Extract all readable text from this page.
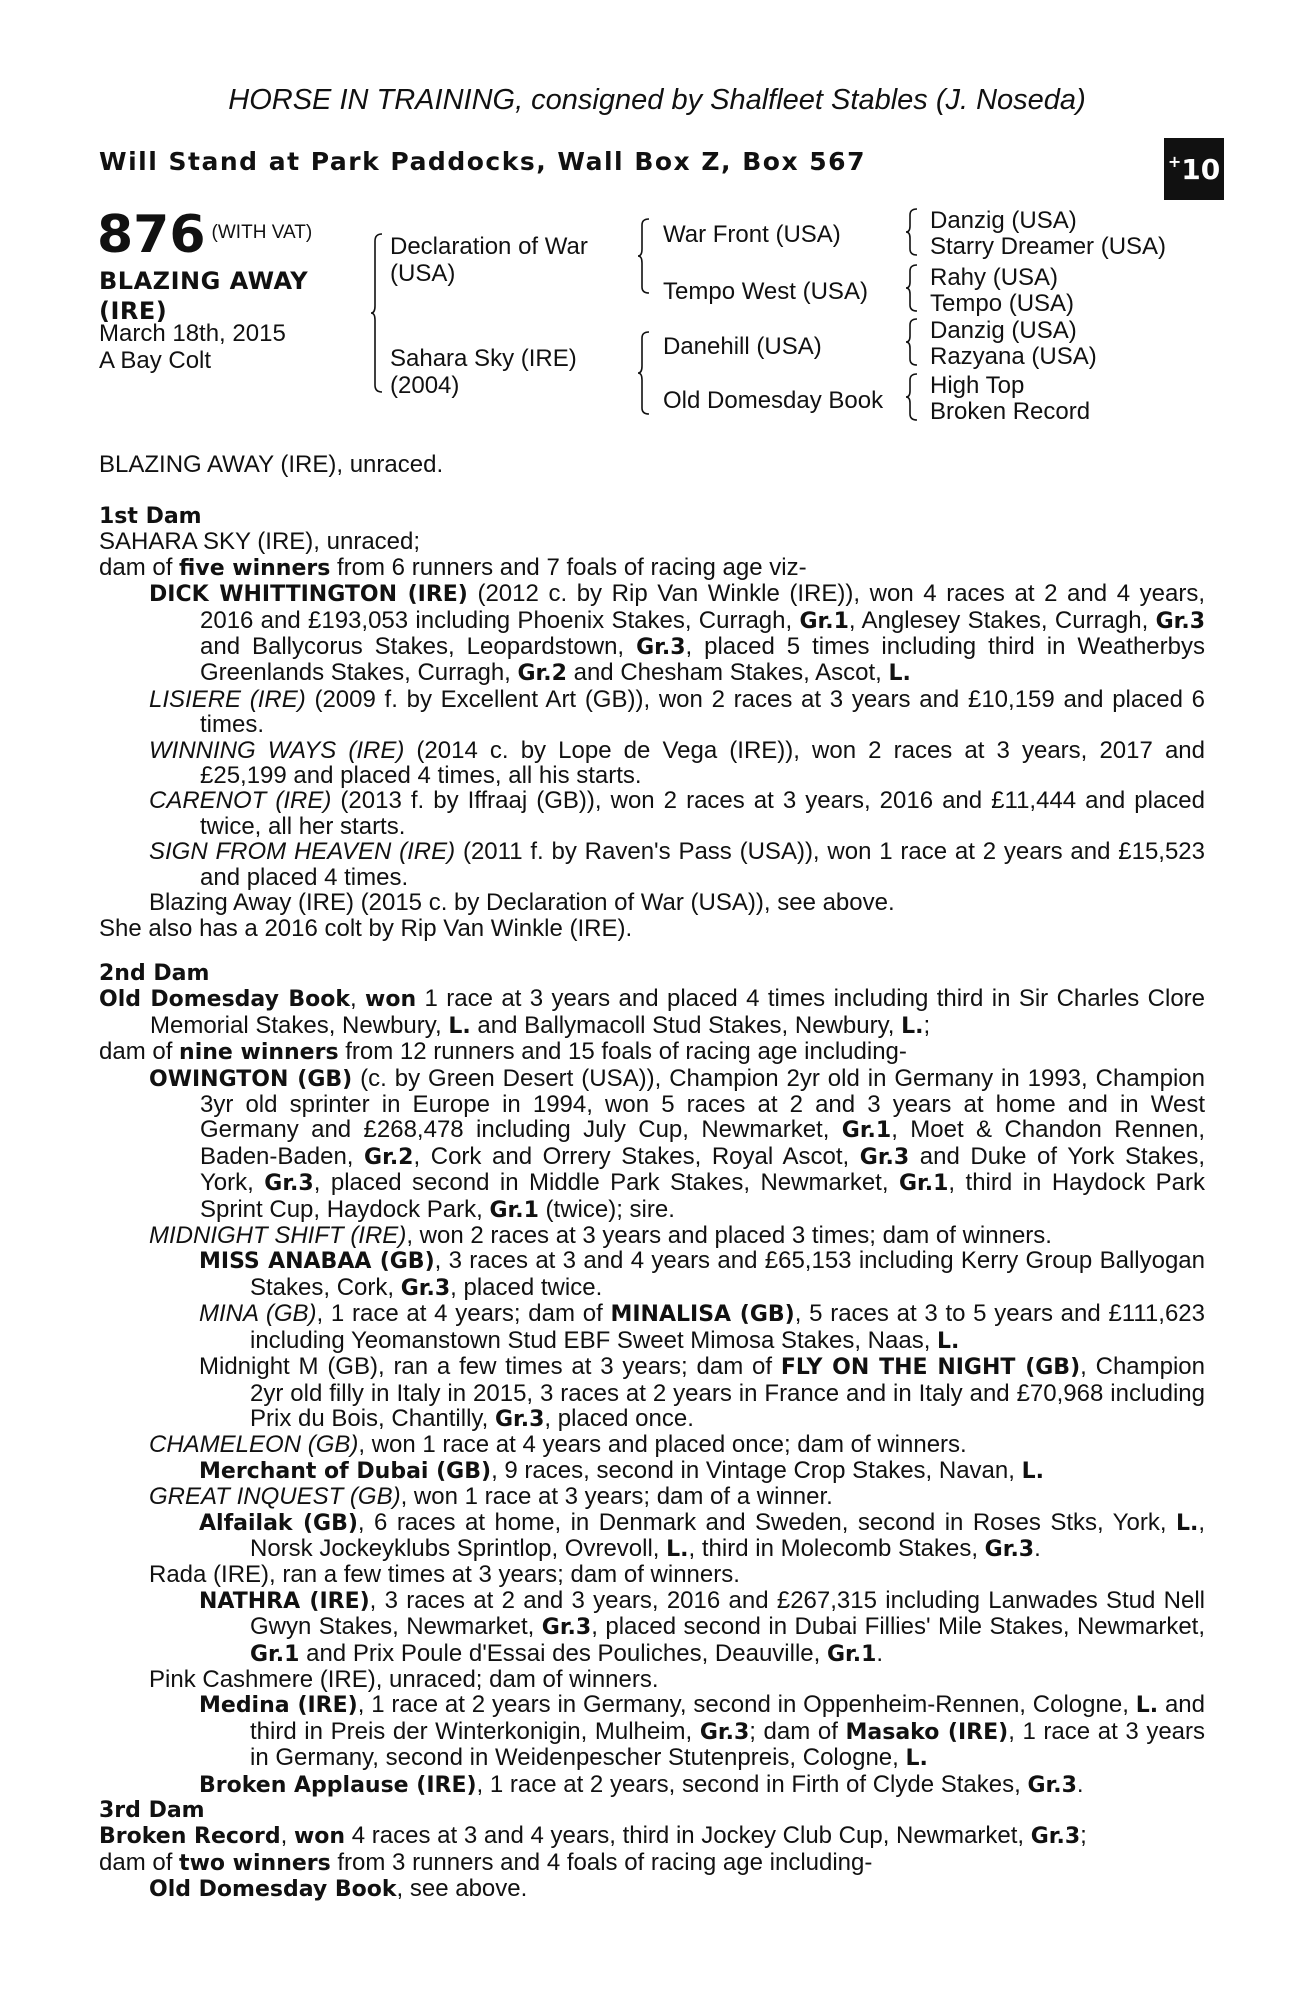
HORSE IN TRAINING, consigned by Shalfleet Stables (J. Noseda)
Will Stand at Park Paddocks, Wall Box Z, Box 567	+ 10
876 (WITH VAT)
BLAZING AWAY
(IRE)
March 18th, 2015
A Bay Colt
Declaration of War
(USA)
Sahara Sky (IRE)
(2004)
War Front (USA)
Tempo West (USA)
Danehill (USA)
Old Domesday Book
Danzig (USA)
Starry Dreamer (USA)
Rahy (USA)
Tempo (USA)
Danzig (USA)
Razyana (USA)
High Top
Broken Record

BLAZING AWAY (IRE), unraced.

1st Dam

SAHARA SKY (IRE), unraced;

dam of five winners from 6 runners and 7 foals of racing age viz-

DICK WHITTINGTON (IRE) (2012 c. by Rip Van Winkle (IRE)), won 4 races at 2 and 4 years, 2016 and £193,053 including Phoenix Stakes, Curragh, Gr.1, Anglesey Stakes, Curragh, Gr.3 and Ballycorus Stakes, Leopardstown, Gr.3, placed 5 times including third in Weatherbys Greenlands Stakes, Curragh, Gr.2 and Chesham Stakes, Ascot, L.

LISIERE (IRE) (2009 f. by Excellent Art (GB)), won 2 races at 3 years and £10,159 and placed 6 times.

WINNING WAYS (IRE) (2014 c. by Lope de Vega (IRE)), won 2 races at 3 years, 2017 and £25,199 and placed 4 times, all his starts.

CARENOT (IRE) (2013 f. by Iffraaj (GB)), won 2 races at 3 years, 2016 and £11,444 and placed twice, all her starts.

SIGN FROM HEAVEN (IRE) (2011 f. by Raven's Pass (USA)), won 1 race at 2 years and £15,523 and placed 4 times.

Blazing Away (IRE) (2015 c. by Declaration of War (USA)), see above.

She also has a 2016 colt by Rip Van Winkle (IRE).

2nd Dam

Old Domesday Book, won 1 race at 3 years and placed 4 times including third in Sir Charles Clore Memorial Stakes, Newbury, L. and Ballymacoll Stud Stakes, Newbury, L.;

dam of nine winners from 12 runners and 15 foals of racing age including-

OWINGTON (GB) (c. by Green Desert (USA)), Champion 2yr old in Germany in 1993, Champion 3yr old sprinter in Europe in 1994, won 5 races at 2 and 3 years at home and in West Germany and £268,478 including July Cup, Newmarket, Gr.1, Moet & Chandon Rennen, Baden-Baden, Gr.2, Cork and Orrery Stakes, Royal Ascot, Gr.3 and Duke of York Stakes, York, Gr.3, placed second in Middle Park Stakes, Newmarket, Gr.1, third in Haydock Park Sprint Cup, Haydock Park, Gr.1 (twice); sire.

MIDNIGHT SHIFT (IRE), won 2 races at 3 years and placed 3 times; dam of winners.

MISS ANABAA (GB), 3 races at 3 and 4 years and £65,153 including Kerry Group Ballyogan Stakes, Cork, Gr.3, placed twice.

MINA (GB), 1 race at 4 years; dam of MINALISA (GB), 5 races at 3 to 5 years and £111,623 including Yeomanstown Stud EBF Sweet Mimosa Stakes, Naas, L.

Midnight M (GB), ran a few times at 3 years; dam of FLY ON THE NIGHT (GB), Champion 2yr old filly in Italy in 2015, 3 races at 2 years in France and in Italy and £70,968 including Prix du Bois, Chantilly, Gr.3, placed once.

CHAMELEON (GB), won 1 race at 4 years and placed once; dam of winners.

Merchant of Dubai (GB), 9 races, second in Vintage Crop Stakes, Navan, L.

GREAT INQUEST (GB), won 1 race at 3 years; dam of a winner.

Alfailak (GB), 6 races at home, in Denmark and Sweden, second in Roses Stks, York, L., Norsk Jockeyklubs Sprintlop, Ovrevoll, L., third in Molecomb Stakes, Gr.3.

Rada (IRE), ran a few times at 3 years; dam of winners.

NATHRA (IRE), 3 races at 2 and 3 years, 2016 and £267,315 including Lanwades Stud Nell Gwyn Stakes, Newmarket, Gr.3, placed second in Dubai Fillies' Mile Stakes, Newmarket, Gr.1 and Prix Poule d'Essai des Pouliches, Deauville, Gr.1.

Pink Cashmere (IRE), unraced; dam of winners.

Medina (IRE), 1 race at 2 years in Germany, second in Oppenheim-Rennen, Cologne, L. and third in Preis der Winterkonigin, Mulheim, Gr.3; dam of Masako (IRE), 1 race at 3 years in Germany, second in Weidenpescher Stutenpreis, Cologne, L.

Broken Applause (IRE), 1 race at 2 years, second in Firth of Clyde Stakes, Gr.3.

3rd Dam

Broken Record, won 4 races at 3 and 4 years, third in Jockey Club Cup, Newmarket, Gr.3;

dam of two winners from 3 runners and 4 foals of racing age including-

Old Domesday Book, see above.
